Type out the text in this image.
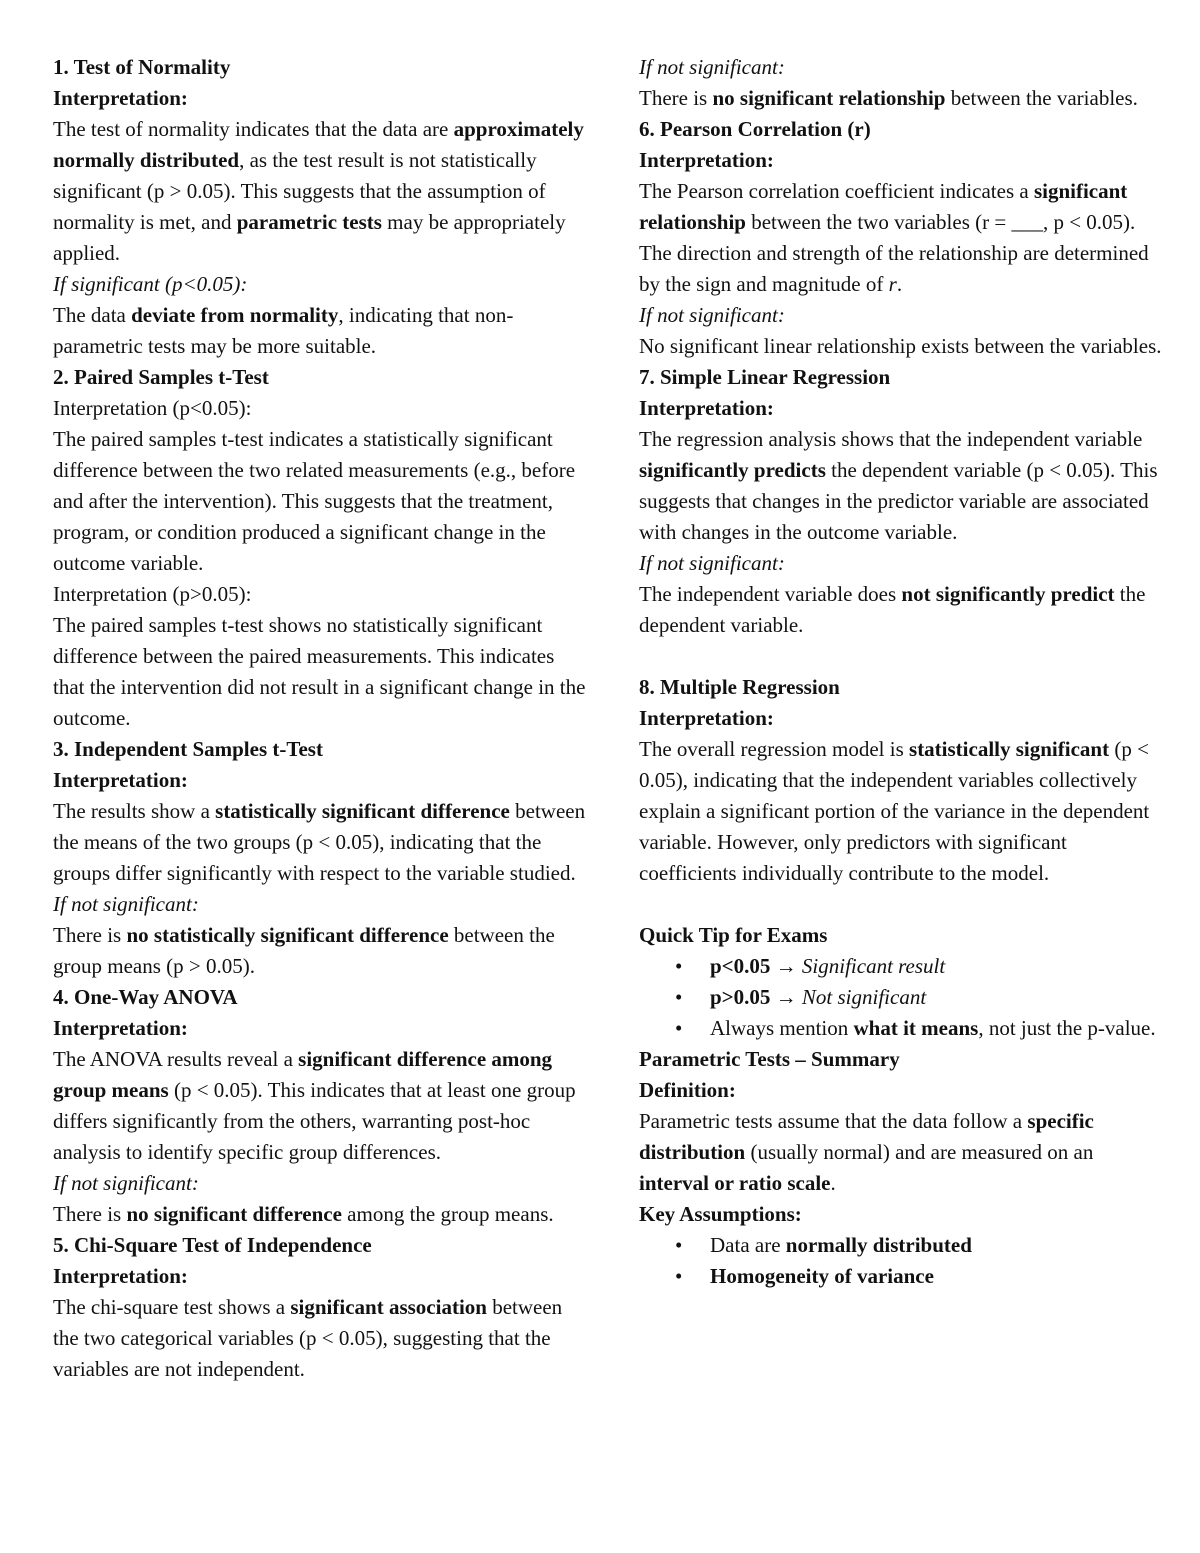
1. Test of Normality
Interpretation:

The test of normality indicates that the data are approximately normally distributed, as the test result is not statistically significant (p > 0.05). This suggests that the assumption of normality is met, and parametric tests may be appropriately applied.

If significant (p<0.05):

The data deviate from normality, indicating that non-parametric tests may be more suitable.

2. Paired Samples t-Test
Interpretation (p<0.05):

The paired samples t-test indicates a statistically significant difference between the two related measurements (e.g., before and after the intervention). This suggests that the treatment, program, or condition produced a significant change in the outcome variable.

Interpretation (p>0.05):

The paired samples t-test shows no statistically significant difference between the paired measurements. This indicates that the intervention did not result in a significant change in the outcome.

3. Independent Samples t-Test
Interpretation:

The results show a statistically significant difference between the means of the two groups (p < 0.05), indicating that the groups differ significantly with respect to the variable studied.

If not significant:

There is no statistically significant difference between the group means (p > 0.05).

4. One-Way ANOVA
Interpretation:

The ANOVA results reveal a significant difference among group means (p < 0.05). This indicates that at least one group differs significantly from the others, warranting post-hoc analysis to identify specific group differences.

If not significant:

There is no significant difference among the group means.

5. Chi-Square Test of Independence
Interpretation:

The chi-square test shows a significant association between the two categorical variables (p < 0.05), suggesting that the variables are not independent.

If not significant:

There is no significant relationship between the variables.

6. Pearson Correlation (r)
Interpretation:

The Pearson correlation coefficient indicates a significant relationship between the two variables (r = ___, p < 0.05). The direction and strength of the relationship are determined by the sign and magnitude of r.

If not significant:

No significant linear relationship exists between the variables.

7. Simple Linear Regression
Interpretation:

The regression analysis shows that the independent variable significantly predicts the dependent variable (p < 0.05). This suggests that changes in the predictor variable are associated with changes in the outcome variable.

If not significant:

The independent variable does not significantly predict the dependent variable.

8. Multiple Regression
Interpretation:

The overall regression model is statistically significant (p < 0.05), indicating that the independent variables collectively explain a significant portion of the variance in the dependent variable. However, only predictors with significant coefficients individually contribute to the model.

Quick Tip for Exams
• p<0.05 → Significant result
• p>0.05 → Not significant
• Always mention what it means, not just the p-value.
Parametric Tests – Summary
Definition:

Parametric tests assume that the data follow a specific distribution (usually normal) and are measured on an interval or ratio scale.

Key Assumptions:
• Data are normally distributed
• Homogeneity of variance
